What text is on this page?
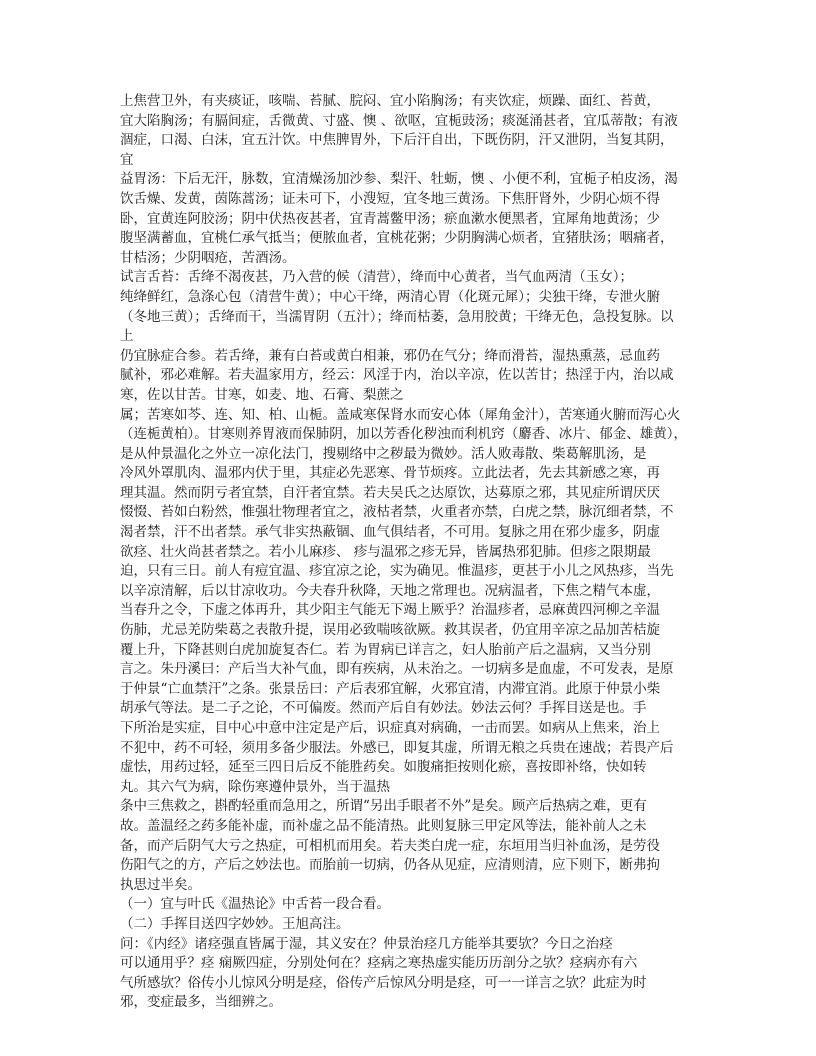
上焦营卫外，有夹痰证，咳喘、苔腻、脘闷、宜小陷胸汤；有夹饮症，烦躁、面红、苔黄，
宜大陷胸汤；有膈间症，舌微黄、寸盛、懊 、欲呕，宜栀豉汤；痰涎涌甚者，宜瓜蒂散；有液
涸症，口渴、白沫，宜五汁饮。中焦脾胃外，下后汗自出，下既伤阴，汗又泄阴，当复其阴，
宜
益胃汤：下后无汗，脉数，宜清燥汤加沙参、梨汗、牡蛎，懊 、小便不利，宜栀子柏皮汤，渴
饮舌燥、发黄，茵陈蒿汤；证未可下，小溲短，宜冬地三黄汤。下焦肝肾外，少阴心烦不得
卧，宜黄连阿胶汤；阴中伏热夜甚者，宜青蒿鳖甲汤；瘀血漱水便黑者，宜犀角地黄汤；少
腹坚满蓄血，宜桃仁承气抵当；便脓血者，宜桃花粥；少阴胸满心烦者，宜猪肤汤；咽痛者，
甘桔汤；少阴咽疮，苦酒汤。
试言舌苔：舌绛不渴夜甚，乃入营的候（清营），绛而中心黄者，当气血两清（玉女）；
纯绛鲜红，急涤心包（清营牛黄）；中心干绛，两清心胃（化斑元犀）；尖独干绛，专泄火腑
（冬地三黄）；舌绛而干，当濡胃阴（五汁）；绛而枯萎，急用胶黄；干绛无色，急投复脉。以
上
仍宜脉症合参。若舌绛，兼有白苔或黄白相兼，邪仍在气分；绛而滑苔，湿热熏蒸，忌血药
腻补，邪必难解。若夫温家用方，经云：风淫于内，治以辛凉，佐以苦甘；热淫于内，治以咸
寒，佐以甘苦。甘寒，如麦、地、石膏、梨蔗之
属；苦寒如芩、连、知、柏、山栀。盖咸寒保肾水而安心体（犀角金汁），苦寒通火腑而泻心火
（连栀黄柏）。甘寒则养胃液而保肺阴，加以芳香化秽浊而利机窍（麝香、冰片、郁金、雄黄），
是从仲景温化之外立一凉化法门，搜剔络中之秽最为微妙。活人败毒散、柴葛解肌汤，是
冷风外罩肌肉、温邪内伏于里，其症必先恶寒、骨节烦疼。立此法者，先去其新感之寒，再
理其温。然而阴亏者宜禁，自汗者宜禁。若夫吴氏之达原饮，达募原之邪，其见症所谓厌厌
惙惙、苔如白粉然，惟强壮物理者宜之，液枯者禁，火重者亦禁，白虎之禁，脉沉细者禁，不
渴者禁，汗不出者禁。承气非实热蔽锢、血气俱结者，不可用。复脉之用在邪少虚多，阴虚
欲痉、壮火尚甚者禁之。若小儿麻疹、 疹与温邪之疹无异，皆属热邪犯肺。但疹之限期最
迫，只有三日。前人有痘宜温、疹宜凉之论，实为确见。惟温疹，更甚于小儿之风热疹，当先
以辛凉清解，后以甘凉收功。今夫春升秋降，天地之常理也。况病温者，下焦之精气本虚，
当春升之令，下虚之体再升，其少阳主气能无下竭上厥乎？治温疹者，忌麻黄四河柳之辛温
伤肺，尤忌羌防柴葛之表散升提，误用必致喘咳欲厥。救其误者，仍宜用辛凉之品加苦桔旋
覆上升，下降甚则白虎加旋复杏仁。若 为胃病已详言之，妇人胎前产后之温病，又当分别
言之。朱丹溪曰：产后当大补气血，即有疾病，从未治之。一切病多是血虚，不可发表，是原
于仲景“亡血禁汗”之条。张景岳曰：产后表邪宜解，火邪宜清，内滞宜消。此原于仲景小柴
胡承气等法。是二子之论，不可偏废。然而产后自有妙法。妙法云何？手挥目送是也。手
下所治是实症，目中心中意中注定是产后，识症真对病确，一击而罢。如病从上焦来，治上
不犯中，药不可轻，须用多备少服法。外感已，即复其虚，所谓无粮之兵贵在速战；若畏产后
虚怯，用药过轻，延至三四日后反不能胜药矣。如腹痛拒按则化瘀，喜按即补络，快如转
丸。其六气为病，除伤寒遵仲景外，当于温热
条中三焦救之，斟酌轻重而急用之，所谓“另出手眼者不外”是矣。顾产后热病之难，更有
故。盖温经之药多能补虚，而补虚之品不能清热。此则复脉三甲定风等法，能补前人之未
备，而产后阴气大亏之热症，可相机而用矣。若夫类白虎一症，东垣用当归补血汤，是劳役
伤阳气之的方，产后之妙法也。而胎前一切病，仍各从见症，应清则清，应下则下，断弗拘
执思过半矣。
（一）宜与叶氏《温热论》中舌苔一段合看。
（二）手挥目送四字妙妙。王旭高注。
问：《内经》诸痉强直皆属于湿，其义安在？仲景治痉几方能举其要欤？今日之治痉
可以通用乎？痉 痫厥四症，分别处何在？痉病之寒热虚实能历历剖分之欤？痉病亦有六
气所感欤？俗传小儿惊风分明是痉，俗传产后惊风分明是痉，可一一详言之欤？此症为时
邪，变症最多，当细辨之。
